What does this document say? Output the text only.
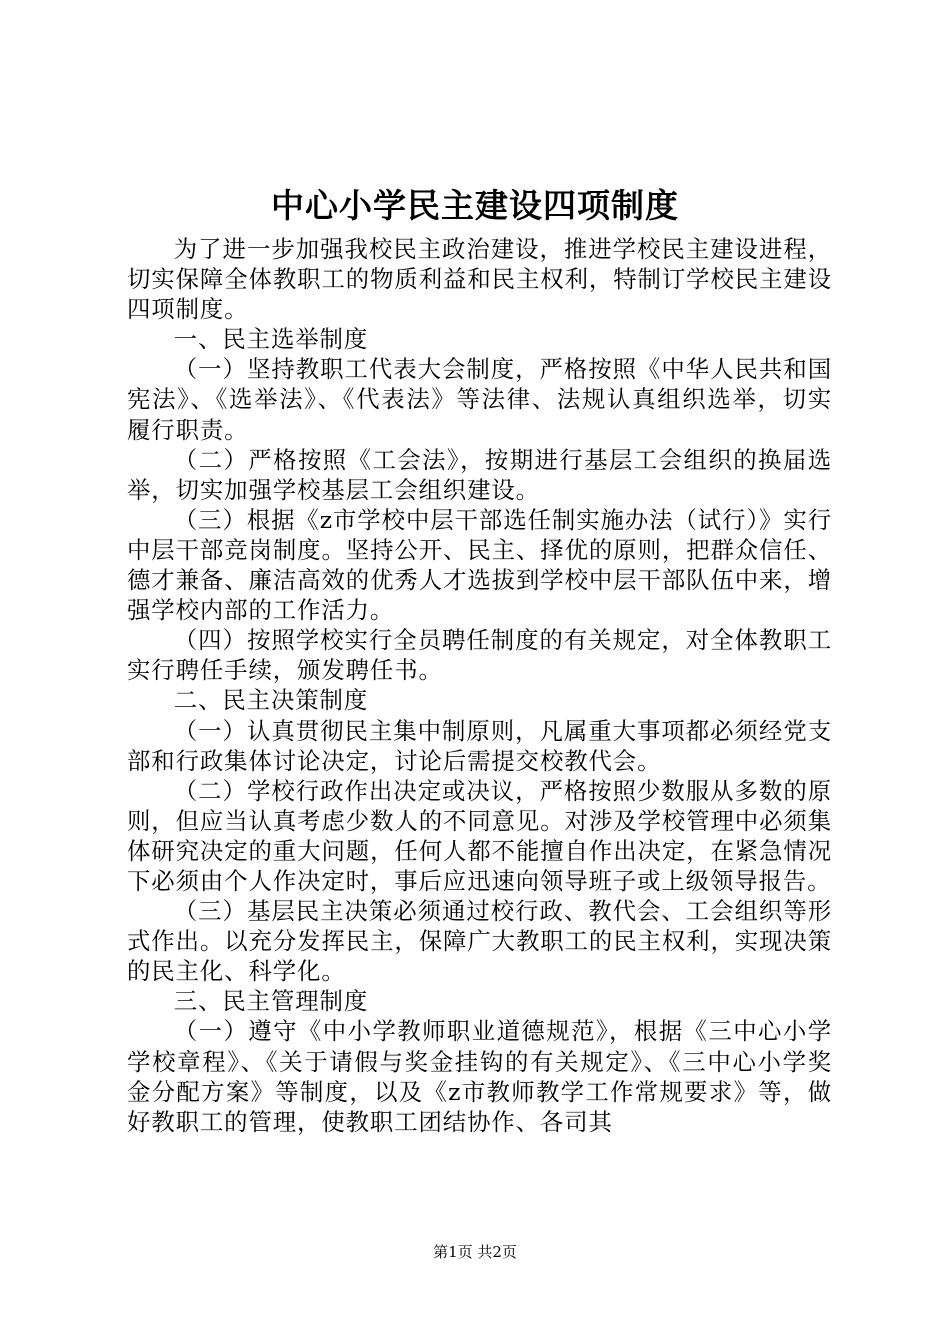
中心小学民主建设四项制度

为了进一步加强我校民主政治建设，推进学校民主建设进程，切实保障全体教职工的物质利益和民主权利，特制订学校民主建设四项制度。

一、民主选举制度

（一）坚持教职工代表大会制度，严格按照《中华人民共和国宪法》、《选举法》、《代表法》等法律、法规认真组织选举，切实履行职责。

（二）严格按照《工会法》，按期进行基层工会组织的换届选举，切实加强学校基层工会组织建设。

（三）根据《z市学校中层干部选任制实施办法（试行）》实行中层干部竞岗制度。坚持公开、民主、择优的原则，把群众信任、德才兼备、廉洁高效的优秀人才选拔到学校中层干部队伍中来，增强学校内部的工作活力。

（四）按照学校实行全员聘任制度的有关规定，对全体教职工实行聘任手续，颁发聘任书。

二、民主决策制度

（一）认真贯彻民主集中制原则，凡属重大事项都必须经党支部和行政集体讨论决定，讨论后需提交校教代会。

（二）学校行政作出决定或决议，严格按照少数服从多数的原则，但应当认真考虑少数人的不同意见。对涉及学校管理中必须集体研究决定的重大问题，任何人都不能擅自作出决定，在紧急情况下必须由个人作决定时，事后应迅速向领导班子或上级领导报告。

（三）基层民主决策必须通过校行政、教代会、工会组织等形式作出。以充分发挥民主，保障广大教职工的民主权利，实现决策的民主化、科学化。

三、民主管理制度

（一）遵守《中小学教师职业道德规范》，根据《三中心小学学校章程》、《关于请假与奖金挂钩的有关规定》、《三中心小学奖金分配方案》等制度，以及《z市教师教学工作常规要求》等，做好教职工的管理，使教职工团结协作、各司其

第1页 共2页
